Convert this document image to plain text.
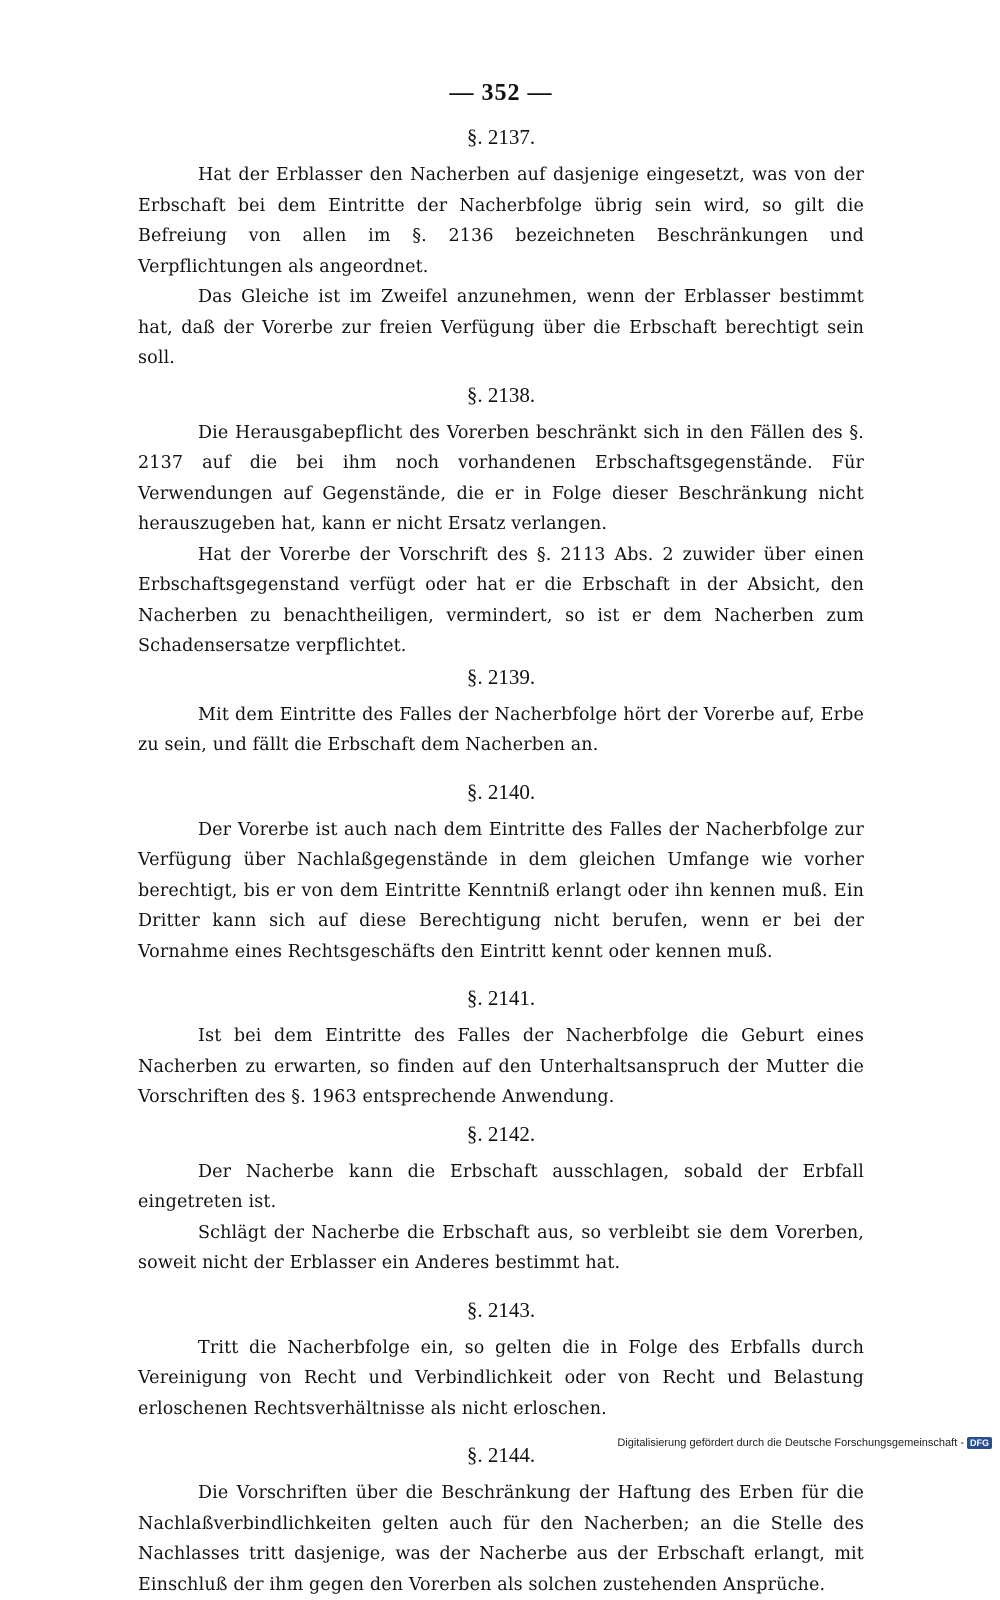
— 352 —
§. 2137.

Hat der Erblasser den Nacherben auf dasjenige eingesetzt, was von der Erbschaft bei dem Eintritte der Nacherbfolge übrig sein wird, so gilt die Befreiung von allen im §. 2136 bezeichneten Beschränkungen und Verpflichtungen als angeordnet.

Das Gleiche ist im Zweifel anzunehmen, wenn der Erblasser bestimmt hat, daß der Vorerbe zur freien Verfügung über die Erbschaft berechtigt sein soll.

§. 2138.

Die Herausgabepflicht des Vorerben beschränkt sich in den Fällen des §. 2137 auf die bei ihm noch vorhandenen Erbschaftsgegenstände. Für Verwendungen auf Gegenstände, die er in Folge dieser Beschränkung nicht herauszugeben hat, kann er nicht Ersatz verlangen.

Hat der Vorerbe der Vorschrift des §. 2113 Abs. 2 zuwider über einen Erbschaftsgegenstand verfügt oder hat er die Erbschaft in der Absicht, den Nacherben zu benachtheiligen, vermindert, so ist er dem Nacherben zum Schadensersatze verpflichtet.

§. 2139.

Mit dem Eintritte des Falles der Nacherbfolge hört der Vorerbe auf, Erbe zu sein, und fällt die Erbschaft dem Nacherben an.

§. 2140.

Der Vorerbe ist auch nach dem Eintritte des Falles der Nacherbfolge zur Verfügung über Nachlaßgegenstände in dem gleichen Umfange wie vorher berechtigt, bis er von dem Eintritte Kenntniß erlangt oder ihn kennen muß. Ein Dritter kann sich auf diese Berechtigung nicht berufen, wenn er bei der Vornahme eines Rechtsgeschäfts den Eintritt kennt oder kennen muß.

§. 2141.

Ist bei dem Eintritte des Falles der Nacherbfolge die Geburt eines Nacherben zu erwarten, so finden auf den Unterhaltsanspruch der Mutter die Vorschriften des §. 1963 entsprechende Anwendung.

§. 2142.

Der Nacherbe kann die Erbschaft ausschlagen, sobald der Erbfall eingetreten ist.

Schlägt der Nacherbe die Erbschaft aus, so verbleibt sie dem Vorerben, soweit nicht der Erblasser ein Anderes bestimmt hat.

§. 2143.

Tritt die Nacherbfolge ein, so gelten die in Folge des Erbfalls durch Vereinigung von Recht und Verbindlichkeit oder von Recht und Belastung erloschenen Rechtsverhältnisse als nicht erloschen.

§. 2144.

Die Vorschriften über die Beschränkung der Haftung des Erben für die Nachlaßverbindlichkeiten gelten auch für den Nacherben; an die Stelle des Nachlasses tritt dasjenige, was der Nacherbe aus der Erbschaft erlangt, mit Einschluß der ihm gegen den Vorerben als solchen zustehenden Ansprüche.

Digitalisierung gefördert durch die Deutsche Forschungsgemeinschaft - DFG
